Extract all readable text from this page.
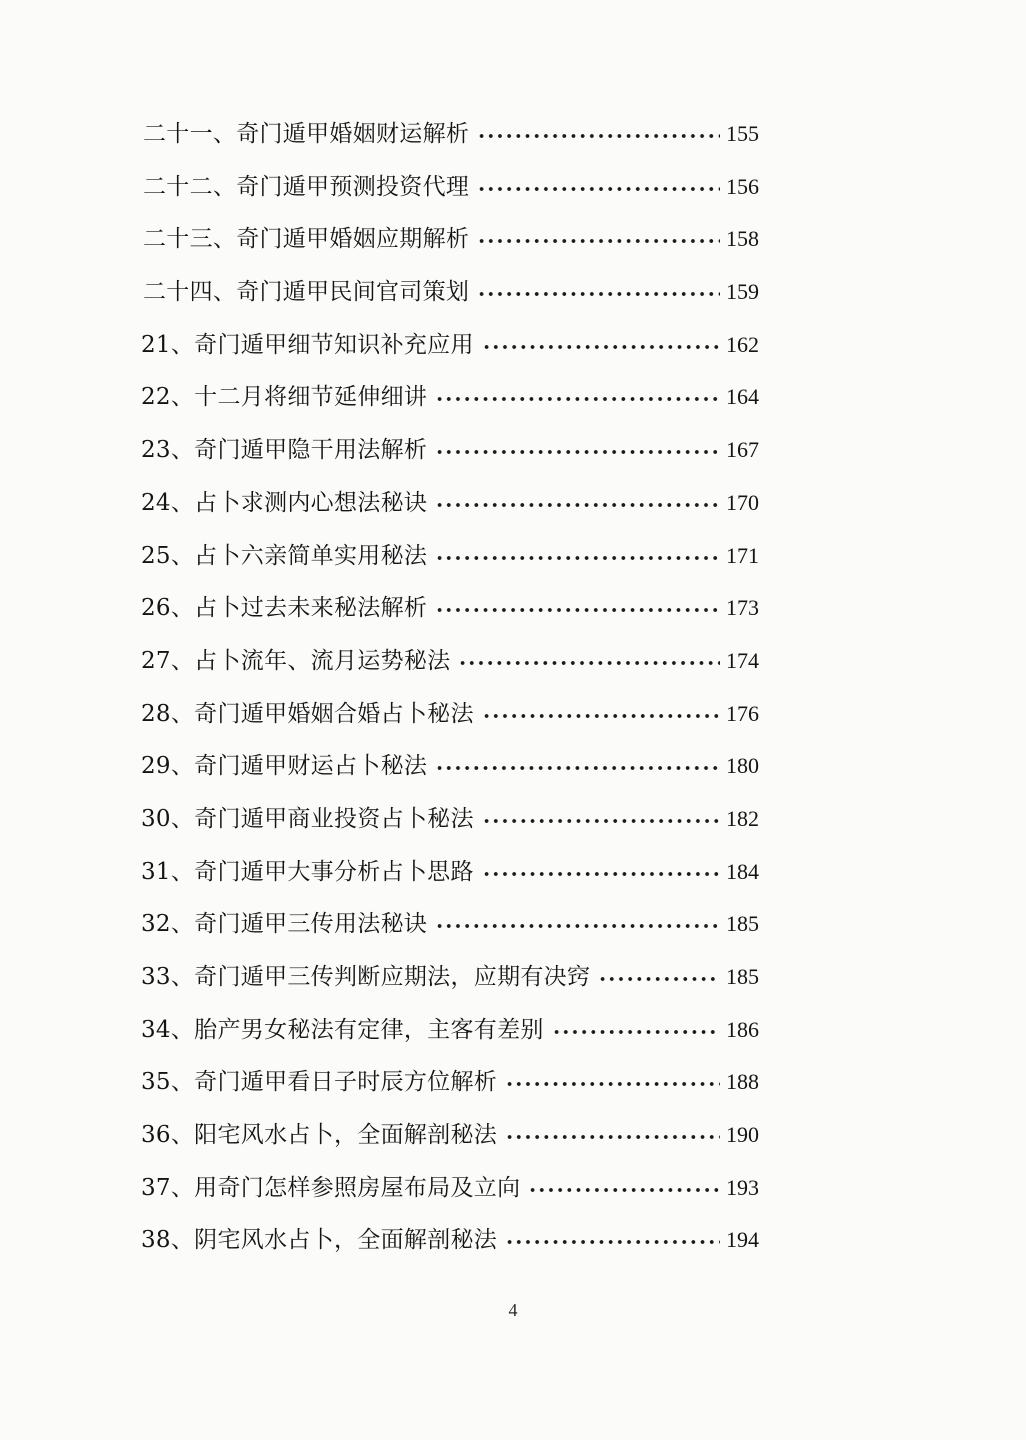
二十一、奇门遁甲婚姻财运解析	155
二十二、奇门遁甲预测投资代理	156
二十三、奇门遁甲婚姻应期解析	158
二十四、奇门遁甲民间官司策划	159
21、奇门遁甲细节知识补充应用	162
22、十二月将细节延伸细讲	164
23、奇门遁甲隐干用法解析	167
24、占卜求测内心想法秘诀	170
25、占卜六亲简单实用秘法	171
26、占卜过去未来秘法解析	173
27、占卜流年、流月运势秘法	174
28、奇门遁甲婚姻合婚占卜秘法	176
29、奇门遁甲财运占卜秘法	180
30、奇门遁甲商业投资占卜秘法	182
31、奇门遁甲大事分析占卜思路	184
32、奇门遁甲三传用法秘诀	185
33、奇门遁甲三传判断应期法，应期有决窍	185
34、胎产男女秘法有定律，主客有差别	186
35、奇门遁甲看日子时辰方位解析	188
36、阳宅风水占卜，全面解剖秘法	190
37、用奇门怎样参照房屋布局及立向	193
38、阴宅风水占卜，全面解剖秘法	194
4
